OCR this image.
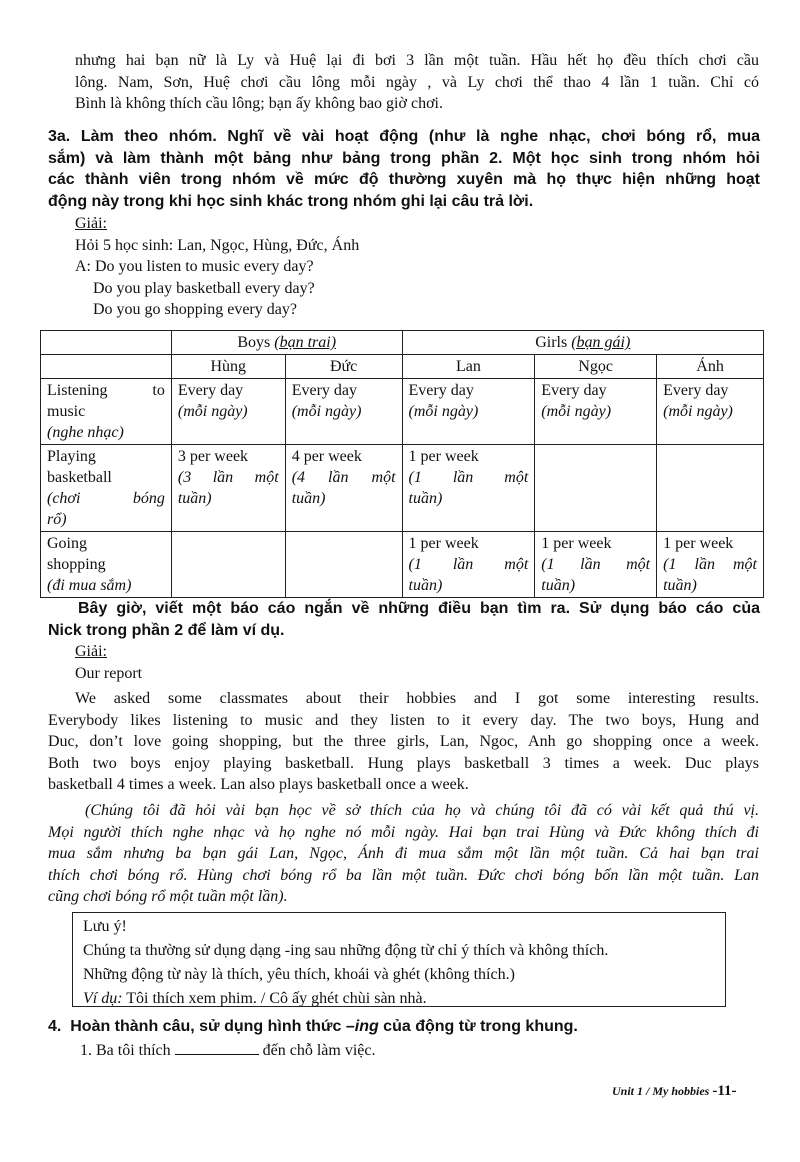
nhưng hai bạn nữ là Ly và Huệ lại đi bơi 3 lần một tuần. Hầu hết họ đều thích chơi cầu
lông. Nam, Sơn, Huệ chơi cầu lông mỗi ngày , và Ly chơi thể thao 4 lần 1 tuần. Chỉ có
Bình là không thích cầu lông; bạn ấy không bao giờ chơi.
3a. Làm theo nhóm. Nghĩ về vài hoạt động (như là nghe nhạc, chơi bóng rổ, mua
sắm) và làm thành một bảng như bảng trong phần 2. Một học sinh trong nhóm hỏi
các thành viên trong nhóm về mức độ thường xuyên mà họ thực hiện những hoạt
động này trong khi học sinh khác trong nhóm ghi lại câu trả lời.
Giải:
Hỏi 5 học sinh: Lan, Ngọc, Hùng, Đức, Ánh
A: Do you listen to music every day?
Do you play basketball every day?
Do you go shopping every day?
	Boys (bạn trai)		Girls (bạn gái)		
	Hùng	Đức	Lan	Ngọc	Ánh

Listening to
music
(nghe nhạc)	Every day
(mỗi ngày)	Every day
(mỗi ngày)	Every day
(mỗi ngày)	Every day
(mỗi ngày)	Every day
(mỗi ngày)

Playing
basketball
(chơi bóng
rổ)	3 per week
(3 lần một
tuần)	4 per week
(4 lần một
tuần)	1 per week
(1 lần một
tuần)		

Going
shopping
(đi mua sắm)			1 per week
(1 lần một
tuần)	1 per week
(1 lần một
tuần)	1 per week
(1 lần một
tuần)
Bây giờ, viết một báo cáo ngắn về những điều bạn tìm ra. Sử dụng báo cáo của
Nick trong phần 2 để làm ví dụ.
Giải:
Our report
We asked some classmates about their hobbies and I got some interesting results.
Everybody likes listening to music and they listen to it every day. The two boys, Hung and
Duc, don’t love going shopping, but the three girls, Lan, Ngoc, Anh go shopping once a week.
Both two boys enjoy playing basketball. Hung plays basketball 3 times a week. Duc plays
basketball 4 times a week. Lan also plays basketball once a week.
(Chúng tôi đã hỏi vài bạn học về sở thích của họ và chúng tôi đã có vài kết quả thú vị.
Mọi người thích nghe nhạc và họ nghe nó mỗi ngày. Hai bạn trai Hùng và Đức không thích đi
mua sắm nhưng ba bạn gái Lan, Ngọc, Ánh đi mua sắm một lần một tuần. Cả hai bạn trai
thích chơi bóng rổ. Hùng chơi bóng rổ ba lần một tuần. Đức chơi bóng bốn lần một tuần. Lan
cũng chơi bóng rổ một tuần một lần).
Lưu ý!
Chúng ta thường sử dụng dạng -ing sau những động từ chỉ ý thích và không thích.
Những động từ này là thích, yêu thích, khoái và ghét (không thích.)
Ví dụ: Tôi thích xem phim. / Cô ấy ghét chùi sàn nhà.
4. Hoàn thành câu, sử dụng hình thức –ing của động từ trong khung.
1. Ba tôi thích	đến chỗ làm việc.
Unit 1 / My hobbies -11-
